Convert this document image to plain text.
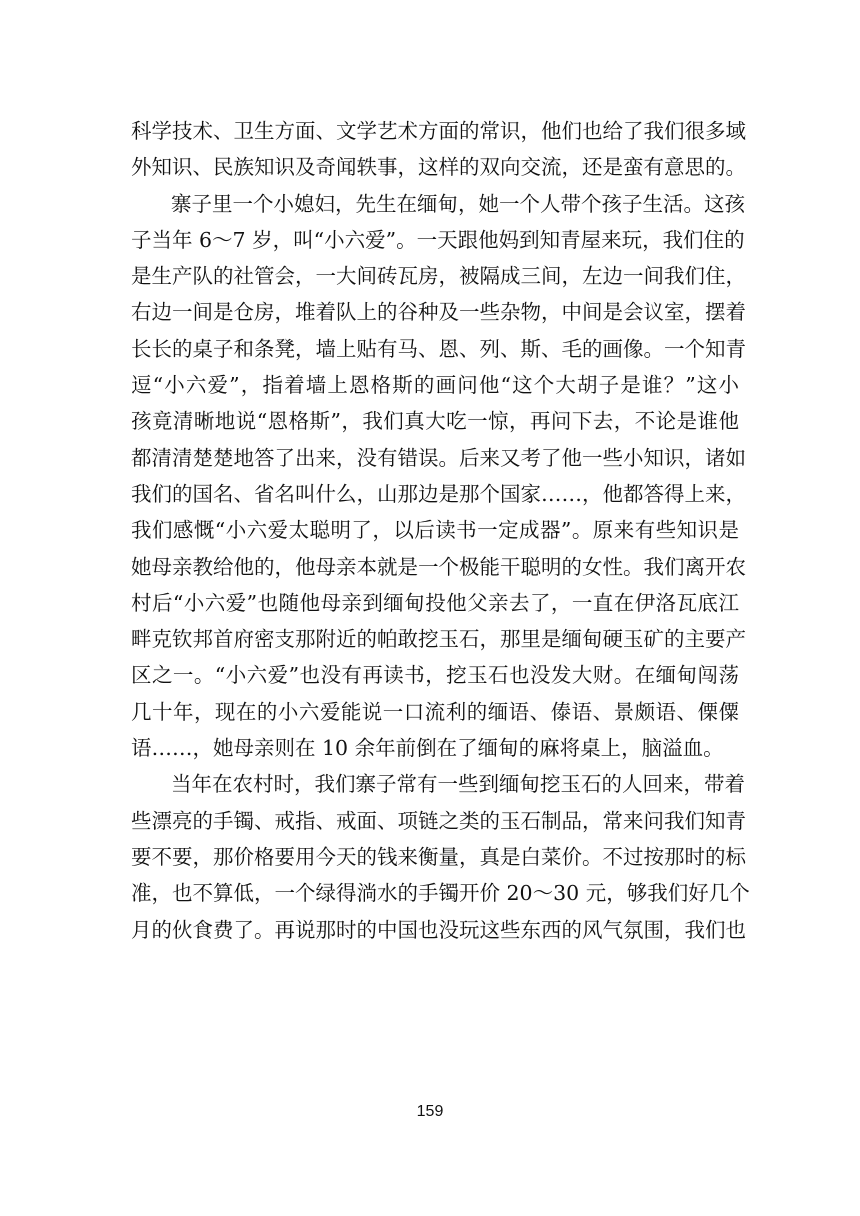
科学技术、卫生方面、文学艺术方面的常识，他们也给了我们很多域
外知识、民族知识及奇闻轶事，这样的双向交流，还是蛮有意思的。
寨子里一个小媳妇，先生在缅甸，她一个人带个孩子生活。这孩
子当年 6～7 岁，叫“小六爱”。一天跟他妈到知青屋来玩，我们住的
是生产队的社管会，一大间砖瓦房，被隔成三间，左边一间我们住，
右边一间是仓房，堆着队上的谷种及一些杂物，中间是会议室，摆着
长长的桌子和条凳，墙上贴有马、恩、列、斯、毛的画像。一个知青
逗“小六爱”，指着墙上恩格斯的画问他“这个大胡子是谁？”这小
孩竟清晰地说“恩格斯”，我们真大吃一惊，再问下去，不论是谁他
都清清楚楚地答了出来，没有错误。后来又考了他一些小知识，诸如
我们的国名、省名叫什么，山那边是那个国家……，他都答得上来，
我们感慨“小六爱太聪明了，以后读书一定成器”。原来有些知识是
她母亲教给他的，他母亲本就是一个极能干聪明的女性。我们离开农
村后“小六爱”也随他母亲到缅甸投他父亲去了，一直在伊洛瓦底江
畔克钦邦首府密支那附近的帕敢挖玉石，那里是缅甸硬玉矿的主要产
区之一。“小六爱”也没有再读书，挖玉石也没发大财。在缅甸闯荡
几十年，现在的小六爱能说一口流利的缅语、傣语、景颇语、傈僳
语……，她母亲则在 10 余年前倒在了缅甸的麻将桌上，脑溢血。
当年在农村时，我们寨子常有一些到缅甸挖玉石的人回来，带着
些漂亮的手镯、戒指、戒面、项链之类的玉石制品，常来问我们知青
要不要，那价格要用今天的钱来衡量，真是白菜价。不过按那时的标
准，也不算低，一个绿得淌水的手镯开价 20～30 元，够我们好几个
月的伙食费了。再说那时的中国也没玩这些东西的风气氛围，我们也
159
